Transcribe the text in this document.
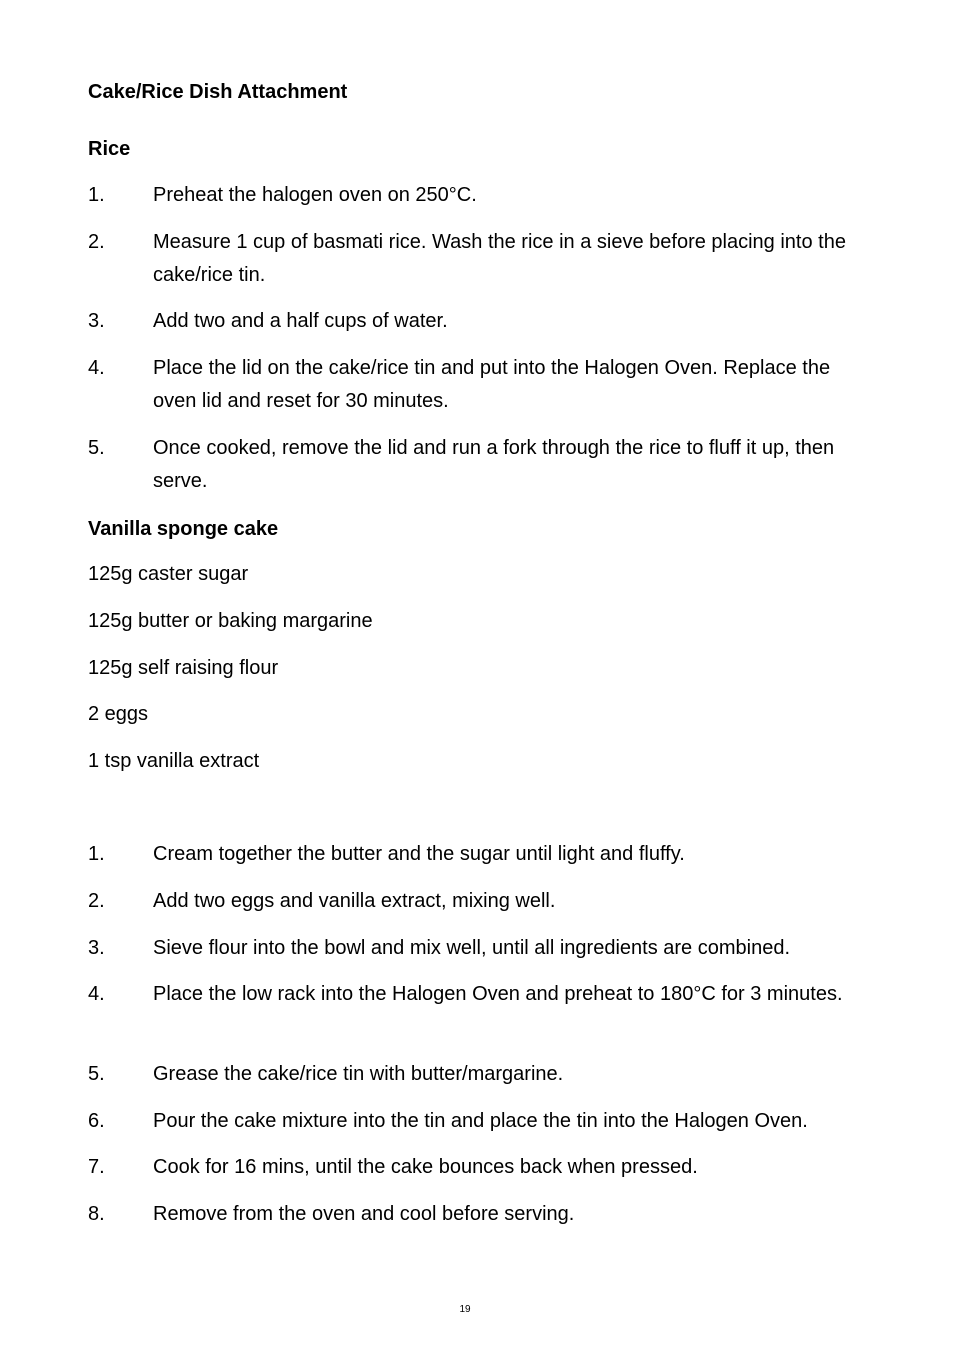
Cake/Rice Dish Attachment
Rice
1.	Preheat the halogen oven on 250°C.
2.	Measure 1 cup of basmati rice. Wash the rice in a sieve before placing into the cake/rice tin.
3.	Add two and a half cups of water.
4.	Place the lid on the cake/rice tin and put into the Halogen Oven. Replace the oven lid and reset for 30 minutes.
5.	Once cooked, remove the lid and run a fork through the rice to fluff it up, then serve.
Vanilla sponge cake
125g caster sugar
125g butter or baking margarine
125g self raising flour
2 eggs
1 tsp vanilla extract
1.	Cream together the butter and the sugar until light and fluffy.
2.	Add two eggs and vanilla extract, mixing well.
3.	Sieve flour into the bowl and mix well, until all ingredients are combined.
4.	Place the low rack into the Halogen Oven and preheat to 180°C for 3 minutes.
5.	Grease the cake/rice tin with butter/margarine.
6.	Pour the cake mixture into the tin and place the tin into the Halogen Oven.
7.	Cook for 16 mins, until the cake bounces back when pressed.
8.	Remove from the oven and cool before serving.
19
